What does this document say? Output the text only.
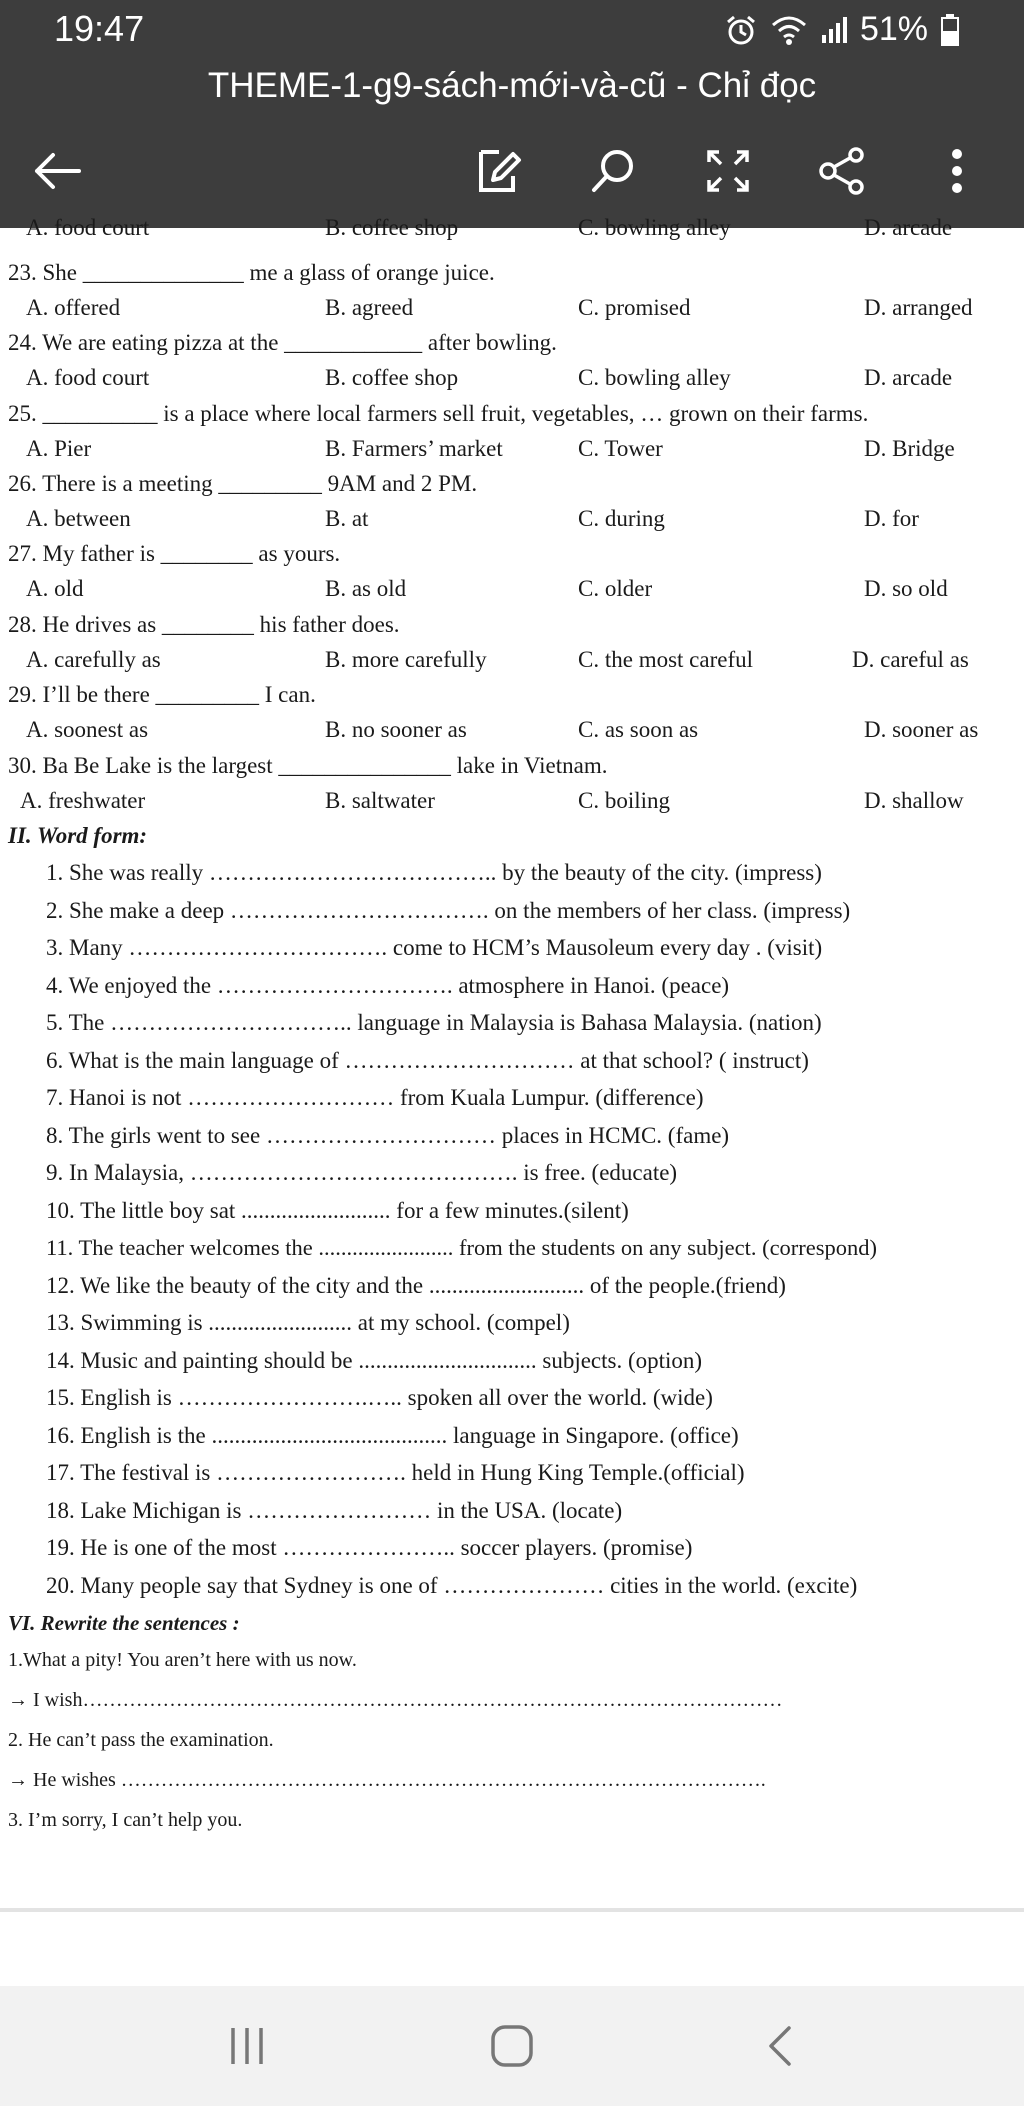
19:47	51%
THEME-1-g9-sách-mới-và-cũ - Chỉ đọc
A. food court	B. coffee shop	C. bowling alley	D. arcade
23. She ______________ me a glass of orange juice.
A. offered	B. agreed	C. promised	D. arranged
24. We are eating pizza at the ____________ after bowling.
A. food court	B. coffee shop	C. bowling alley	D. arcade
25. __________ is a place where local farmers sell fruit, vegetables, … grown on their farms.
A. Pier	B. Farmers’ market	C. Tower	D. Bridge
26. There is a meeting _________ 9AM and 2 PM.
A. between	B. at	C. during	D. for
27. My father is ________ as yours.
A. old	B. as old	C. older	D. so old
28. He drives as ________ his father does.
A. carefully as	B. more carefully	C. the most careful	D. careful as
29. I’ll be there _________ I can.
A. soonest as	B. no sooner as	C. as soon as	D. sooner as
30. Ba Be Lake is the largest _______________ lake in Vietnam.
A. freshwater	B. saltwater	C. boiling	D. shallow
II. Word form:
1. She was really ……………………………….. by the beauty of the city. (impress)
2. She make a deep ……………………………. on the members of her class. (impress)
3. Many ……………………………. come to HCM’s Mausoleum every day . (visit)
4. We enjoyed the …………………………. atmosphere in Hanoi. (peace)
5. The ………………………….. language in Malaysia is Bahasa Malaysia. (nation)
6. What is the main language of ………………………… at that school? ( instruct)
7. Hanoi is not ……………………… from Kuala Lumpur. (difference)
8. The girls went to see ………………………… places in HCMC. (fame)
9. In Malaysia, ……………………………………. is free. (educate)
10. The little boy sat .......................... for a few minutes.(silent)
11. The teacher welcomes the ........................ from the students on any subject. (correspond)
12. We like the beauty of the city and the ........................... of the people.(friend)
13. Swimming is ......................... at my school. (compel)
14. Music and painting should be ............................... subjects. (option)
15. English is …………………….….. spoken all over the world. (wide)
16. English is the ......................................... language in Singapore. (office)
17. The festival is ……………………. held in Hung King Temple.(official)
18. Lake Michigan is …………………… in the USA. (locate)
19. He is one of the most ………………….. soccer players. (promise)
20. Many people say that Sydney is one of ………………… cities in the world. (excite)
VI. Rewrite the sentences :
1.What a pity! You aren’t here with us now.
→ I wish……………………………………………………………………………………………
2. He can’t pass the examination.
→ He wishes …………………………………………………………………………………….
3. I’m sorry, I can’t help you.
